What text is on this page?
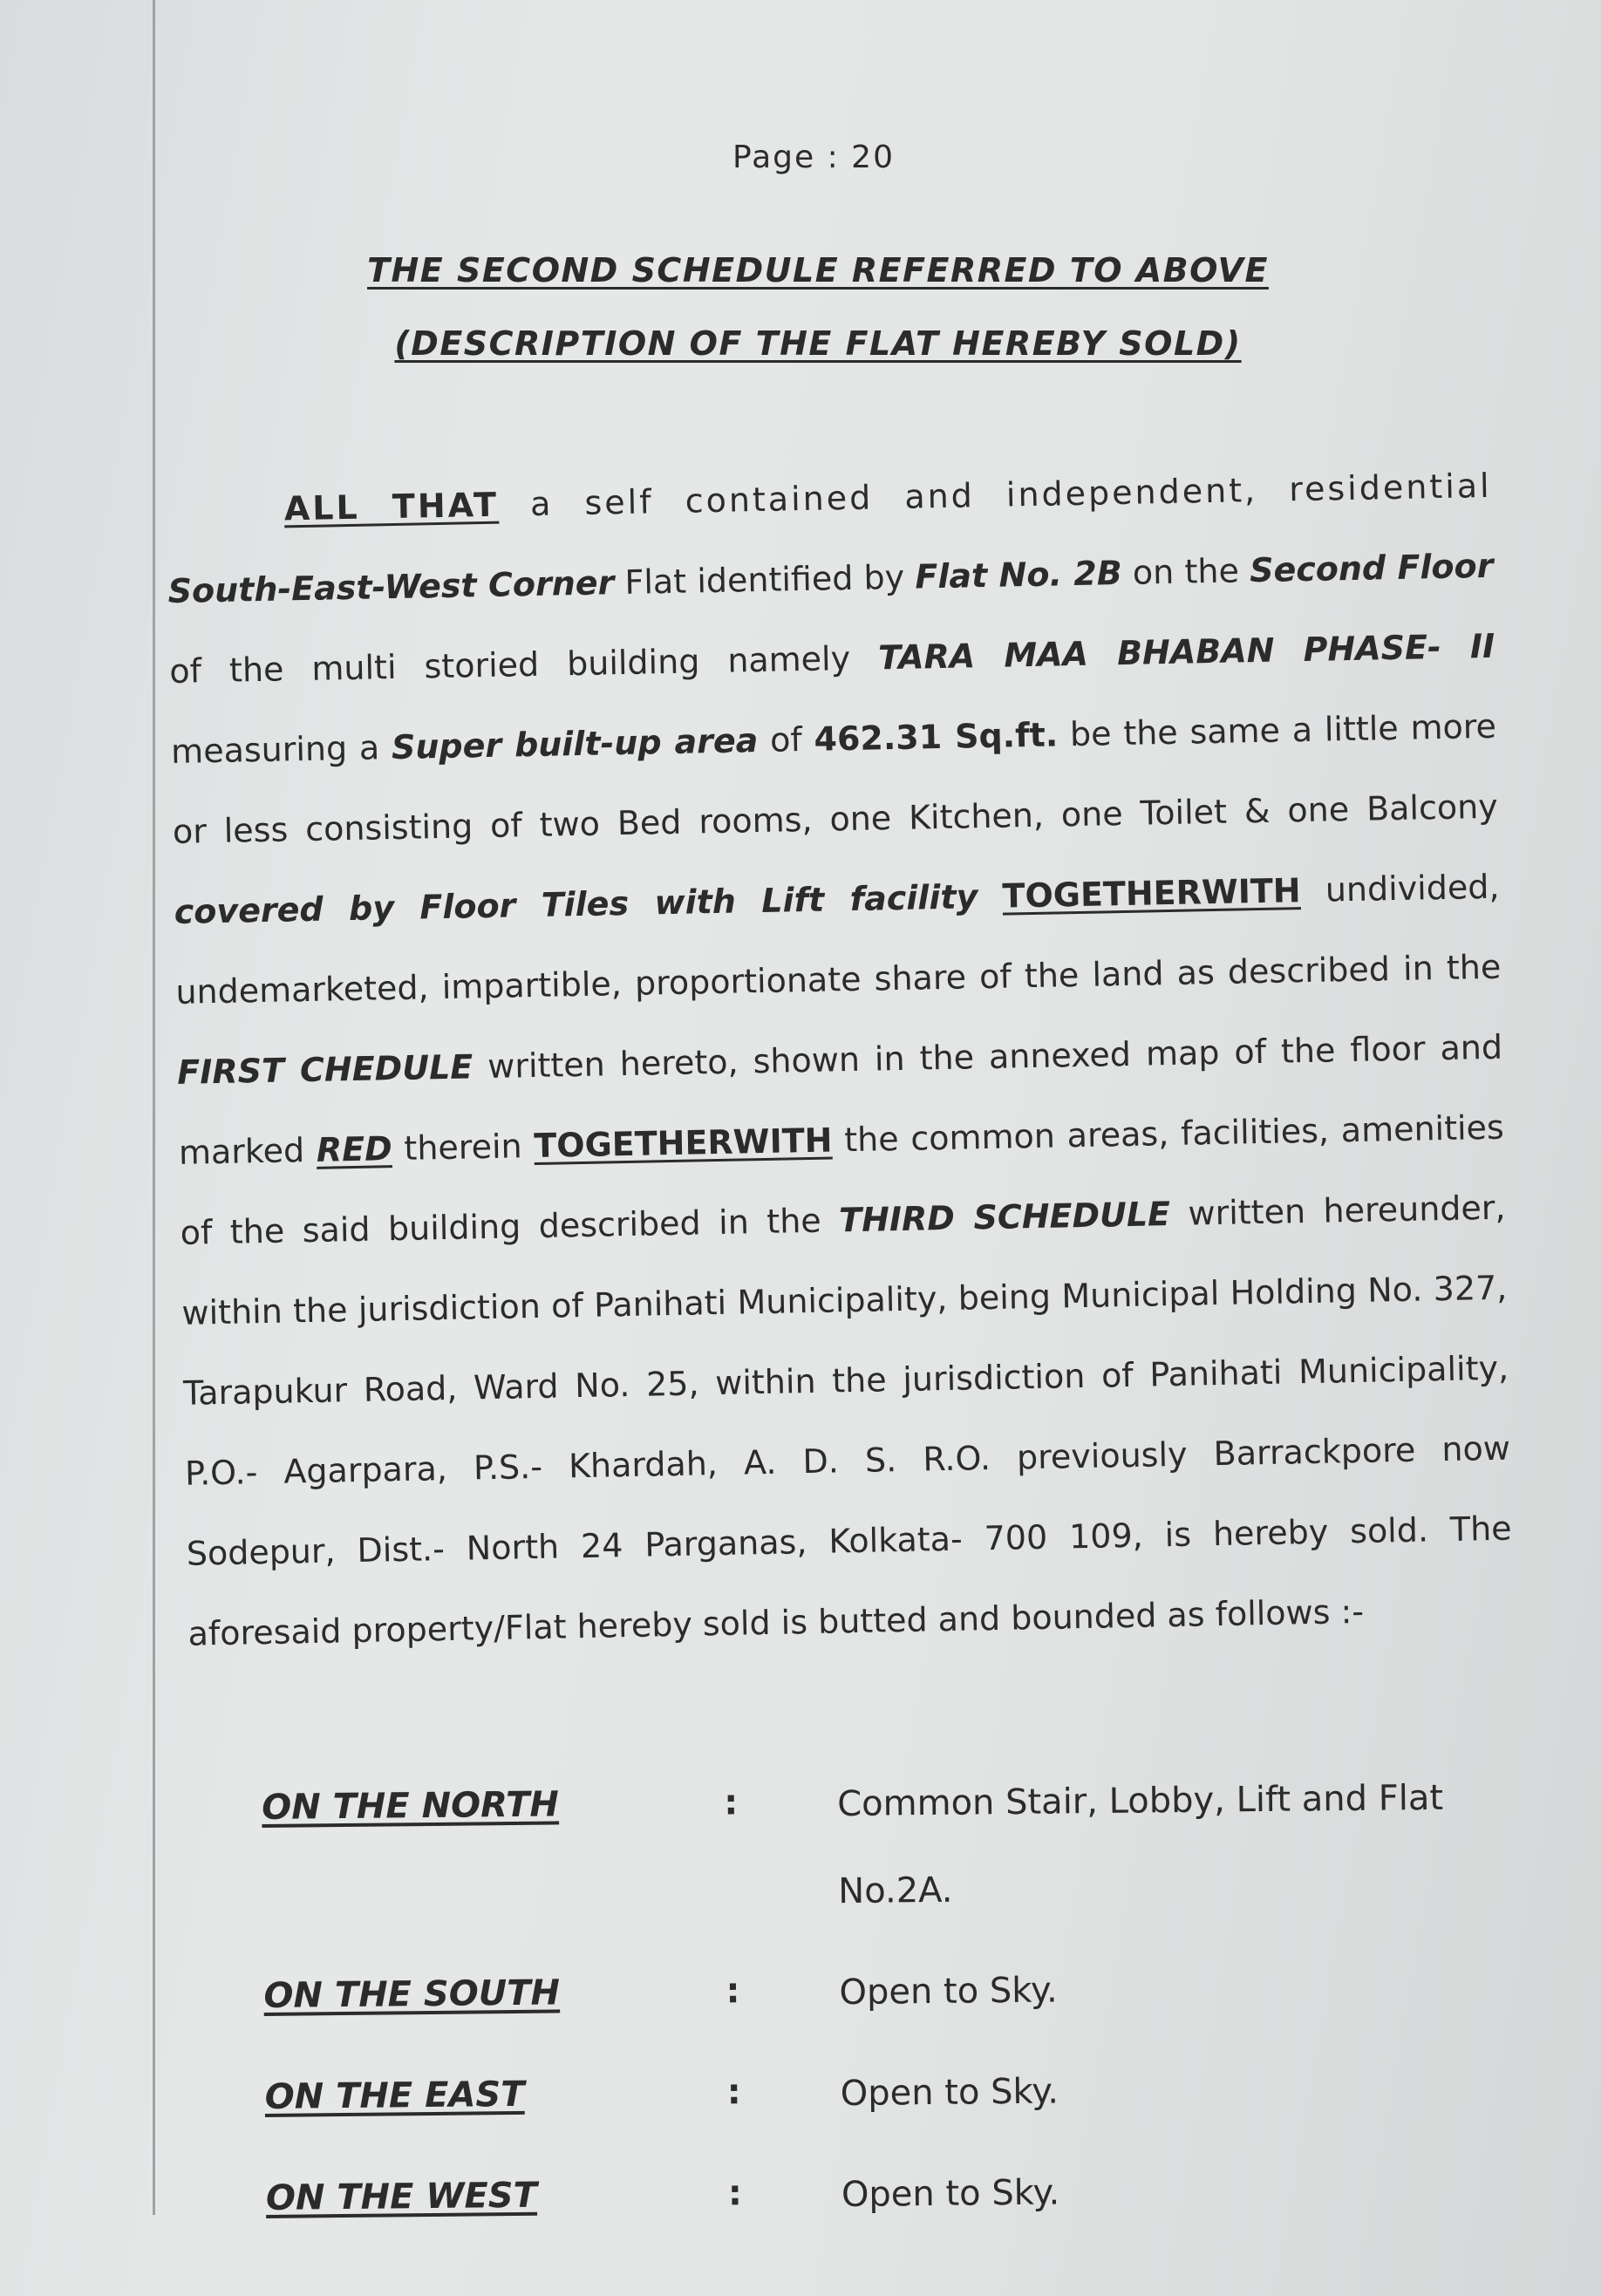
Page : 20
THE SECOND SCHEDULE REFERRED TO ABOVE
(DESCRIPTION OF THE FLAT HEREBY SOLD)
ALL THAT a self contained and independent, residential South-East-West Corner Flat identified by Flat No. 2B on the Second Floor of the multi storied building namely TARA MAA BHABAN PHASE- II measuring a Super built-up area of 462.31 Sq.ft. be the same a little more or less consisting of two Bed rooms, one Kitchen, one Toilet & one Balcony covered by Floor Tiles with Lift facility TOGETHERWITH undivided, undemarketed, impartible, proportionate share of the land as described in the FIRST CHEDULE written hereto, shown in the annexed map of the floor and marked RED therein TOGETHERWITH the common areas, facilities, amenities of the said building described in the THIRD SCHEDULE written hereunder, within the jurisdiction of Panihati Municipality, being Municipal Holding No. 327, Tarapukur Road, Ward No. 25, within the jurisdiction of Panihati Municipality, P.O.- Agarpara, P.S.- Khardah, A. D. S. R.O. previously Barrackpore now Sodepur, Dist.- North 24 Parganas, Kolkata- 700 109, is hereby sold. The aforesaid property/Flat hereby sold is butted and bounded as follows :-
ON THE NORTH	:	Common Stair, Lobby, Lift and Flat No.2A.
ON THE SOUTH	:	Open to Sky.
ON THE EAST	:	Open to Sky.
ON THE WEST	:	Open to Sky.
